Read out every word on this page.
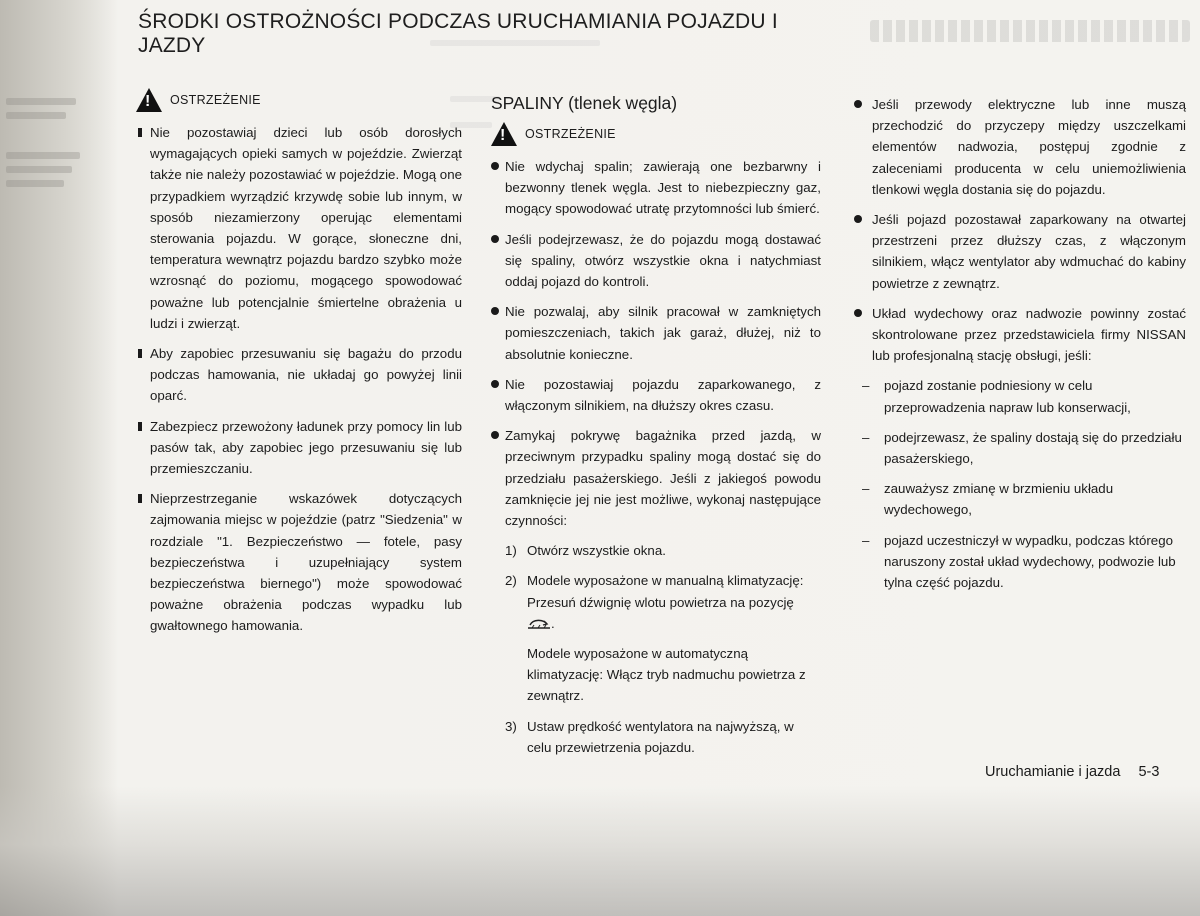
ŚRODKI OSTROŻNOŚCI PODCZAS URUCHAMIANIA POJAZDU I
JAZDY
!
OSTRZEŻENIE

Nie pozostawiaj dzieci lub osób dorosłych wymagających opieki samych w pojeździe. Zwierząt także nie należy pozostawiać w pojeździe. Mogą one przypadkiem wyrządzić krzywdę sobie lub innym, w sposób niezamierzony operując elementami sterowania pojazdu. W gorące, słoneczne dni, temperatura wewnątrz pojazdu bardzo szybko może wzrosnąć do poziomu, mogącego spowodować poważne lub potencjalnie śmiertelne obrażenia u ludzi i zwierząt.

Aby zapobiec przesuwaniu się bagażu do przodu podczas hamowania, nie układaj go powyżej linii oparć.

Zabezpiecz przewożony ładunek przy pomocy lin lub pasów tak, aby zapobiec jego przesuwaniu się lub przemieszczaniu.

Nieprzestrzeganie wskazówek dotyczących zajmowania miejsc w pojeździe (patrz "Siedzenia" w rozdziale "1. Bezpieczeństwo — fotele, pasy bezpieczeństwa i uzupełniający system bezpieczeństwa biernego") może spowodować poważne obrażenia podczas wypadku lub gwałtownego hamowania.

SPALINY (tlenek węgla)
!
OSTRZEŻENIE

Nie wdychaj spalin; zawierają one bezbarwny i bezwonny tlenek węgla. Jest to niebezpieczny gaz, mogący spowodować utratę przytomności lub śmierć.

Jeśli podejrzewasz, że do pojazdu mogą dostawać się spaliny, otwórz wszystkie okna i natychmiast oddaj pojazd do kontroli.

Nie pozwalaj, aby silnik pracował w zamkniętych pomieszczeniach, takich jak garaż, dłużej, niż to absolutnie konieczne.

Nie pozostawiaj pojazdu zaparkowanego, z włączonym silnikiem, na dłuższy okres czasu.

Zamykaj pokrywę bagażnika przed jazdą, w przeciwnym przypadku spaliny mogą dostać się do przedziału pasażerskiego. Jeśli z jakiegoś powodu zamknięcie jej nie jest możliwe, wykonaj następujące czynności:

1) Otwórz wszystkie okna.
2) Modele wyposażone w manualną klimatyzację: Przesuń dźwignię wlotu powietrza na pozycję .
Modele wyposażone w automatyczną klimatyzację: Włącz tryb nadmuchu powietrza z zewnątrz.
3) Ustaw prędkość wentylatora na najwyższą, w celu przewietrzenia pojazdu.

Jeśli przewody elektryczne lub inne muszą przechodzić do przyczepy między uszczelkami elementów nadwozia, postępuj zgodnie z zaleceniami producenta w celu uniemożliwienia tlenkowi węgla dostania się do pojazdu.

Jeśli pojazd pozostawał zaparkowany na otwartej przestrzeni przez dłuższy czas, z włączonym silnikiem, włącz wentylator aby wdmuchać do kabiny powietrze z zewnątrz.

Układ wydechowy oraz nadwozie powinny zostać skontrolowane przez przedstawiciela firmy NISSAN lub profesjonalną stację obsługi, jeśli:

– pojazd zostanie podniesiony w celu przeprowadzenia napraw lub konserwacji,
– podejrzewasz, że spaliny dostają się do przedziału pasażerskiego,
– zauważysz zmianę w brzmieniu układu wydechowego,
– pojazd uczestniczył w wypadku, podczas którego naruszony został układ wydechowy, podwozie lub tylna część pojazdu.
Uruchamianie i jazda 5-3
